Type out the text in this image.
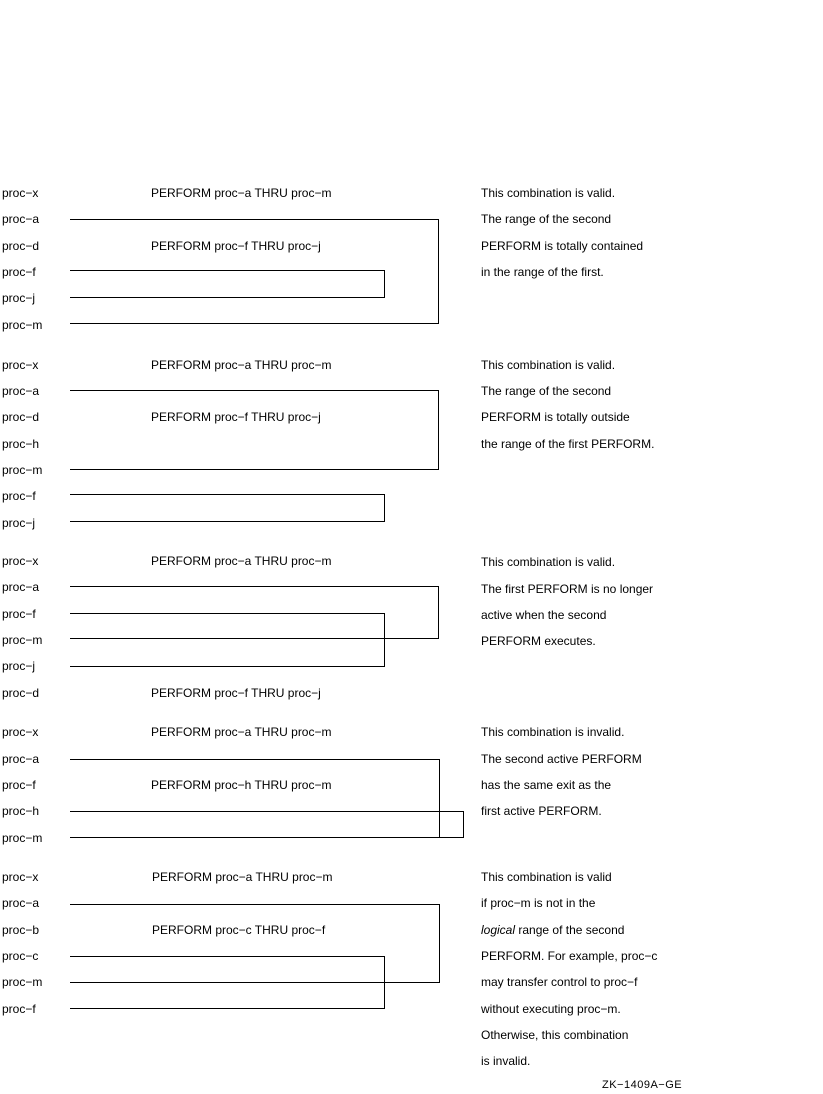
proc−x
proc−a
proc−d
proc−f
proc−j
proc−m
PERFORM proc−a THRU proc−m
PERFORM proc−f THRU proc−j
This combination is valid.
The range of the second
PERFORM is totally contained
in the range of the first.
proc−x
proc−a
proc−d
proc−h
proc−m
proc−f
proc−j
PERFORM proc−a THRU proc−m
PERFORM proc−f THRU proc−j
This combination is valid.
The range of the second
PERFORM is totally outside
the range of the first PERFORM.
proc−x
proc−a
proc−f
proc−m
proc−j
proc−d
PERFORM proc−a THRU proc−m
PERFORM proc−f THRU proc−j
This combination is valid.
The first PERFORM is no longer
active when the second
PERFORM executes.
proc−x
proc−a
proc−f
proc−h
proc−m
PERFORM proc−a THRU proc−m
PERFORM proc−h THRU proc−m
This combination is invalid.
The second active PERFORM
has the same exit as the
first active PERFORM.
proc−x
proc−a
proc−b
proc−c
proc−m
proc−f
PERFORM proc−a THRU proc−m
PERFORM proc−c THRU proc−f
This combination is valid
if proc−m is not in the
logical range of the second
PERFORM. For example, proc−c
may transfer control to proc−f
without executing proc−m.
Otherwise, this combination
is invalid.
ZK−1409A−GE
